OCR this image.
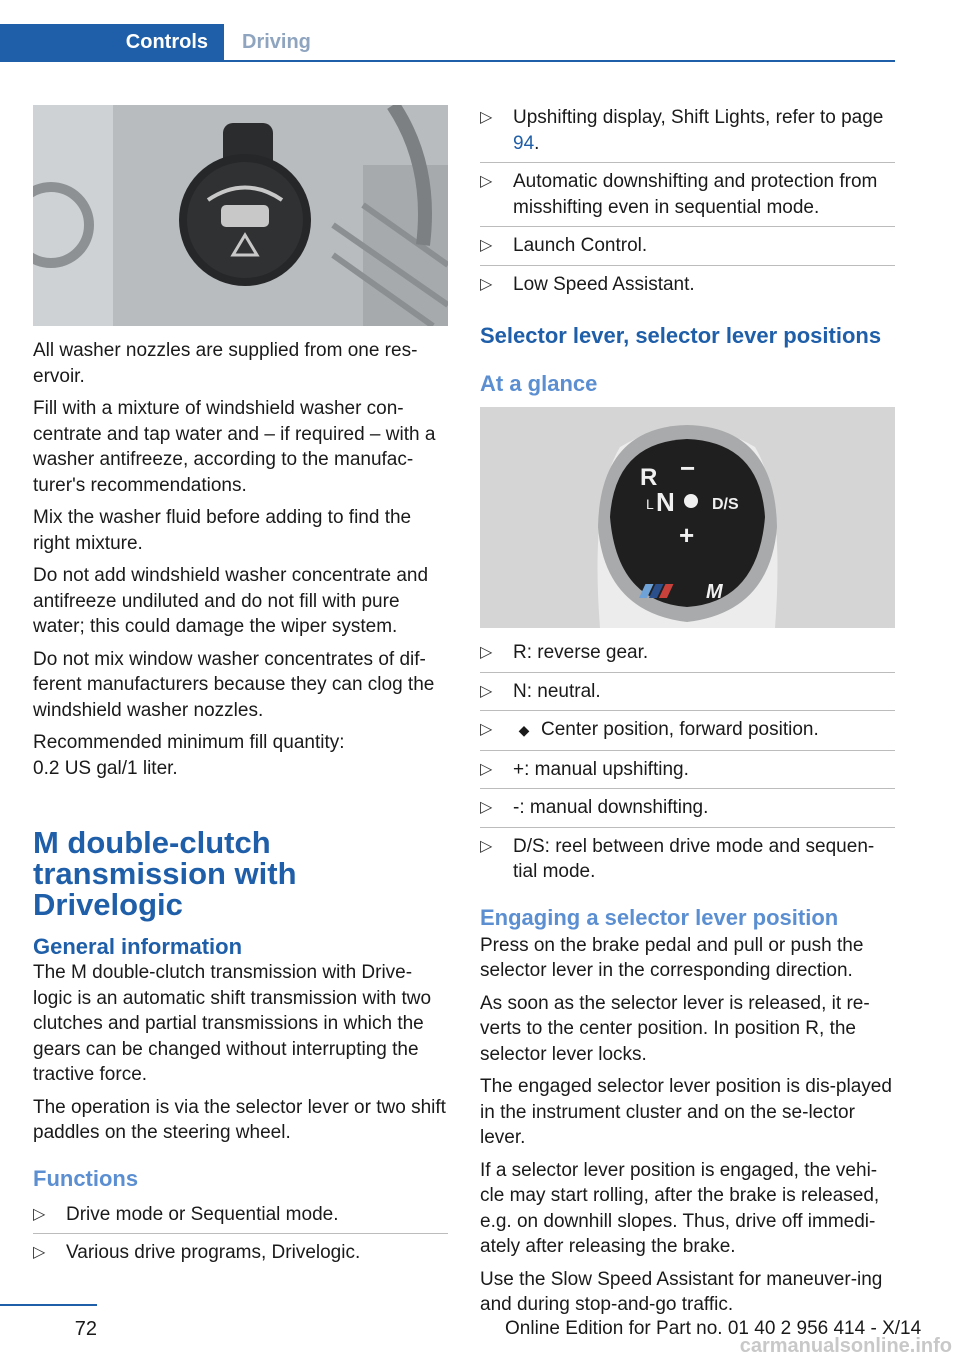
Controls	Driving

All washer nozzles are supplied from one res‐ervoir.

Fill with a mixture of windshield washer con‐centrate and tap water and – if required – with a washer antifreeze, according to the manufac‐turer's recommendations.

Mix the washer fluid before adding to find the right mixture.

Do not add windshield washer concentrate and antifreeze undiluted and do not fill with pure water; this could damage the wiper system.

Do not mix window washer concentrates of dif‐ferent manufacturers because they can clog the windshield washer nozzles.

Recommended minimum fill quantity:

0.2 US gal/1 liter.

M double-clutch transmission with Drivelogic
General information

The M double-clutch transmission with Drive‐logic is an automatic shift transmission with two clutches and partial transmissions in which the gears can be changed without interrupting the tractive force.

The operation is via the selector lever or two shift paddles on the steering wheel.

Functions
▷ Drive mode or Sequential mode.
▷ Various drive programs, Drivelogic.
▷ Upshifting display, Shift Lights, refer to page 94.
▷ Automatic downshifting and protection from misshifting even in sequential mode.
▷ Launch Control.
▷ Low Speed Assistant.
Selector lever, selector lever positions
At a glance
R −
L N D/S
+
M
▷ R: reverse gear.
▷ N: neutral.
▷ ◆ Center position, forward position.
▷ +: manual upshifting.
▷ -: manual downshifting.
▷ D/S: reel between drive mode and sequen‐tial mode.
Engaging a selector lever position

Press on the brake pedal and pull or push the selector lever in the corresponding direction.

As soon as the selector lever is released, it re‐verts to the center position. In position R, the selector lever locks.

The engaged selector lever position is dis‐played in the instrument cluster and on the se‐lector lever.

If a selector lever position is engaged, the vehi‐cle may start rolling, after the brake is released, e.g. on downhill slopes. Thus, drive off immedi‐ately after releasing the brake.

Use the Slow Speed Assistant for maneuver‐ing and during stop-and-go traffic.

72	Online Edition for Part no. 01 40 2 956 414 - X/14
carmanualsonline.info
